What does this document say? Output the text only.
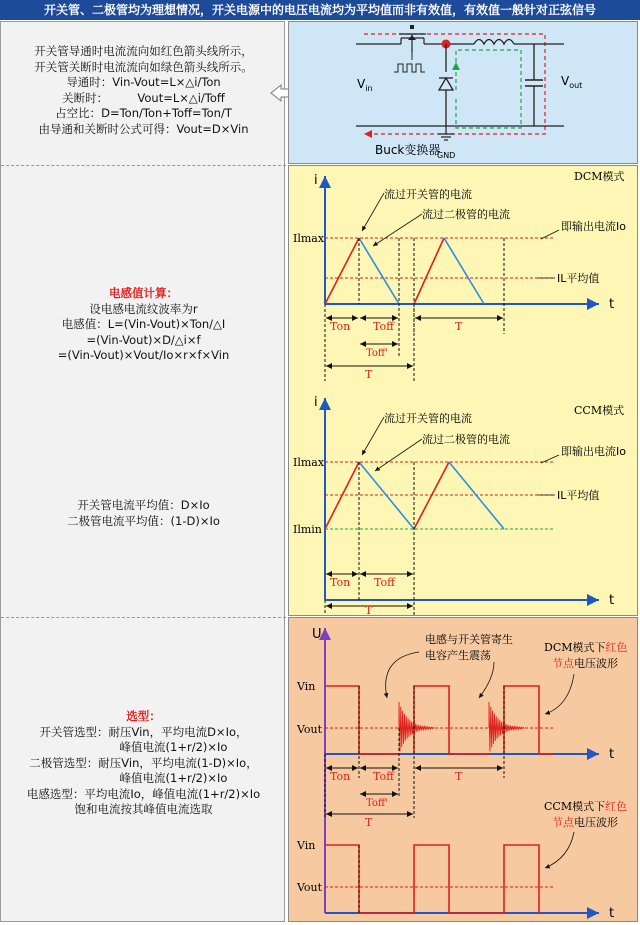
开关管、二极管均为理想情况，开关电源中的电压电流均为平均值而非有效值，有效值一般针对正弦信号
开关管导通时电流流向如红色箭头线所示，
开关管关断时电流流向如绿色箭头线所示。
导通时：Vin-Vout=L×△i/Ton
关断时：        Vout=L×△i/Toff
占空比：D=Ton/Ton+Toff=Ton/T
由导通和关断时公式可得：Vout=D×Vin
电感值计算：
设电感电流纹波率为r
电感值：L=(Vin-Vout)×Ton/△I
=(Vin-Vout)×D/△i×f
=(Vin-Vout)×Vout/Io×r×f×Vin
开关管电流平均值：D×Io
二极管电流平均值：(1-D)×Io
选型：
开关管选型：耐压Vin，平均电流D×Io，
峰值电流(1+r/2)×Io
二极管选型：耐压Vin，平均电流(1-D)×Io，
峰值电流(1+r/2)×Io
电感选型：平均电流Io，峰值电流(1+r/2)×Io
饱和电流按其峰值电流选取
$V_{in}$
$V_{out}$
Buck变换器
GND
i
t
DCM模式
Ilmax
流过开关管的电流
流过二极管的电流
即输出电流Io
IL平均值
Ton Toff	T
Toff'
T
i
t
CCM模式
Ilmax
Ilmin
流过开关管的电流
流过二极管的电流
即输出电流Io
IL平均值
Ton Toff
T
U
t
Vin
Vout
电感与开关管寄生
电容产生震荡
DCM模式下红色
节点电压波形
Ton Toff	T
Toff'
T
t
Vin
Vout
CCM模式下红色
节点电压波形
